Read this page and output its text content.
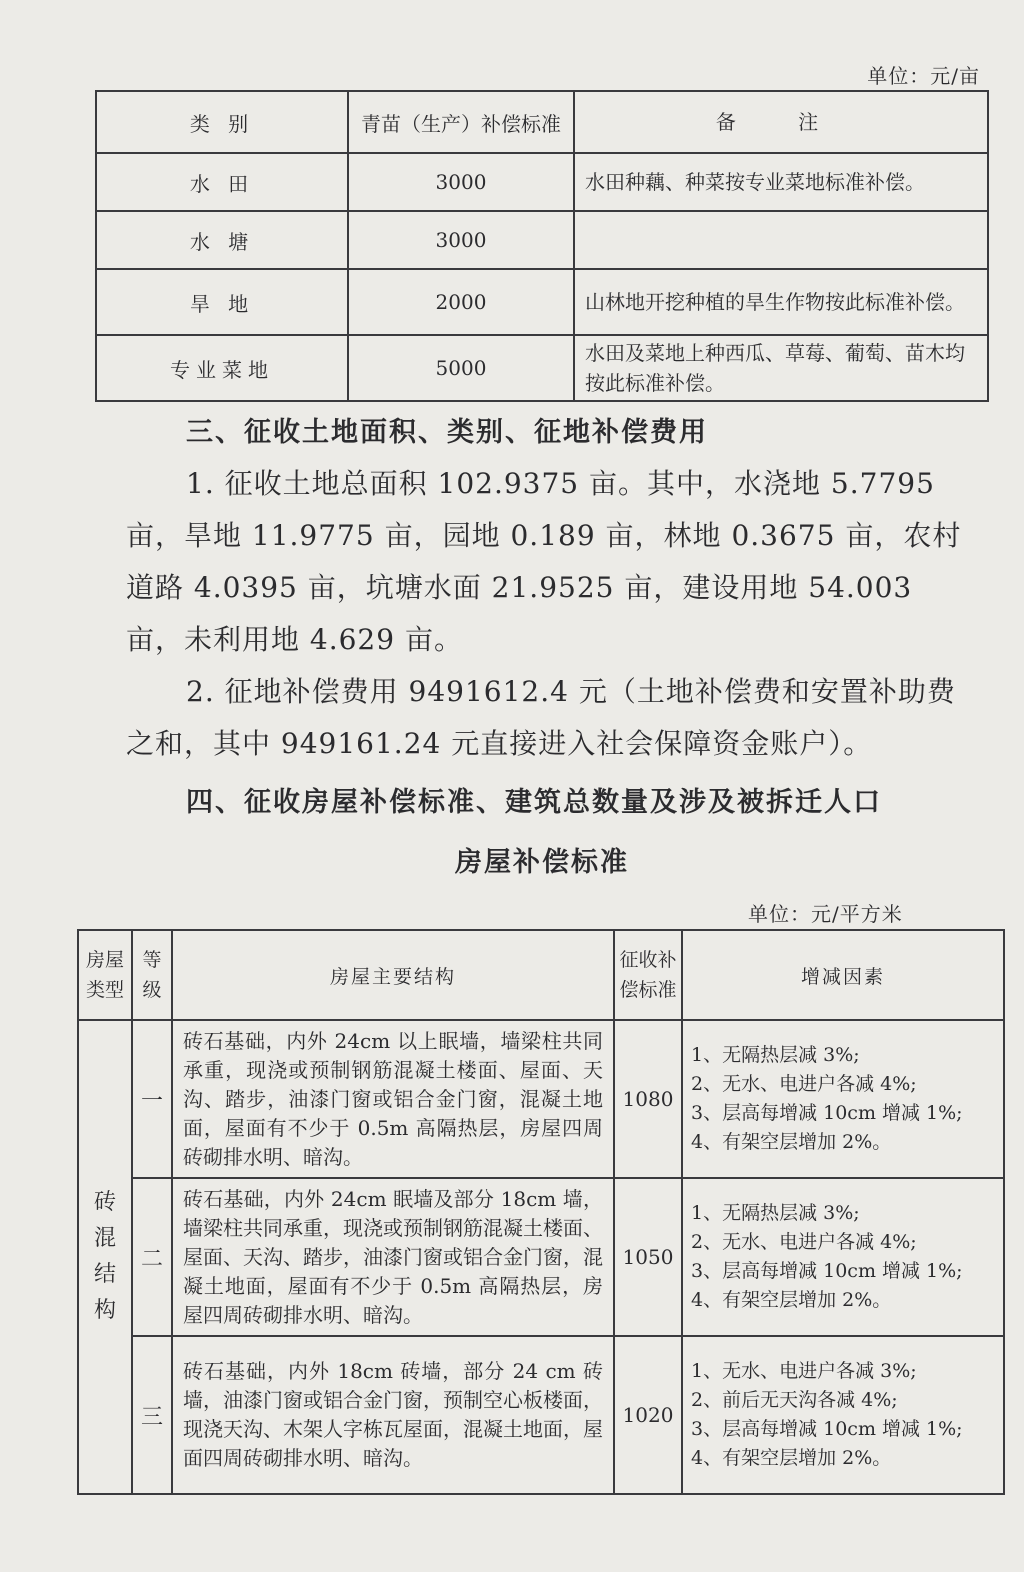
单位：元/亩
类 别	青苗（生产）补偿标准	备 注
水 田	3000	水田种藕、种菜按专业菜地标准补偿。
水 塘	3000	
旱 地	2000	山林地开挖种植的旱生作物按此标准补偿。
专业菜地	5000	水田及菜地上种西瓜、草莓、葡萄、苗木均按此标准补偿。
三、征收土地面积、类别、征地补偿费用
1. 征收土地总面积 102.9375 亩。其中，水浇地 5.7795 亩，旱地 11.9775 亩，园地 0.189 亩，林地 0.3675 亩，农村道路 4.0395 亩，坑塘水面 21.9525 亩，建设用地 54.003 亩，未利用地 4.629 亩。
2. 征地补偿费用 9491612.4 元（土地补偿费和安置补助费之和，其中 949161.24 元直接进入社会保障资金账户）。
四、征收房屋补偿标准、建筑总数量及涉及被拆迁人口
房屋补偿标准
单位：元/平方米
房屋类型	等级	房屋主要结构	征收补偿标准	增减因素

砖混结构	一	砖石基础，内外 24cm 以上眠墙，墙梁柱共同承重，现浇或预制钢筋混凝土楼面、屋面、天沟、踏步，油漆门窗或铝合金门窗，混凝土地面，屋面有不少于 0.5m 高隔热层，房屋四周砖砌排水明、暗沟。	1080	1、无隔热层减 3%;
2、无水、电进户各减 4%;
3、层高每增减 10cm 增减 1%;
4、有架空层增加 2%。
	二	砖石基础，内外 24cm 眠墙及部分 18cm 墙，墙梁柱共同承重，现浇或预制钢筋混凝土楼面、屋面、天沟、踏步，油漆门窗或铝合金门窗，混凝土地面，屋面有不少于 0.5m 高隔热层，房屋四周砖砌排水明、暗沟。	1050	1、无隔热层减 3%;
2、无水、电进户各减 4%;
3、层高每增减 10cm 增减 1%;
4、有架空层增加 2%。
	三	砖石基础，内外 18cm 砖墙，部分 24 cm 砖墙，油漆门窗或铝合金门窗，预制空心板楼面，现浇天沟、木架人字栋瓦屋面，混凝土地面，屋面四周砖砌排水明、暗沟。	1020	1、无水、电进户各减 3%;
2、前后无天沟各减 4%;
3、层高每增减 10cm 增减 1%;
4、有架空层增加 2%。
